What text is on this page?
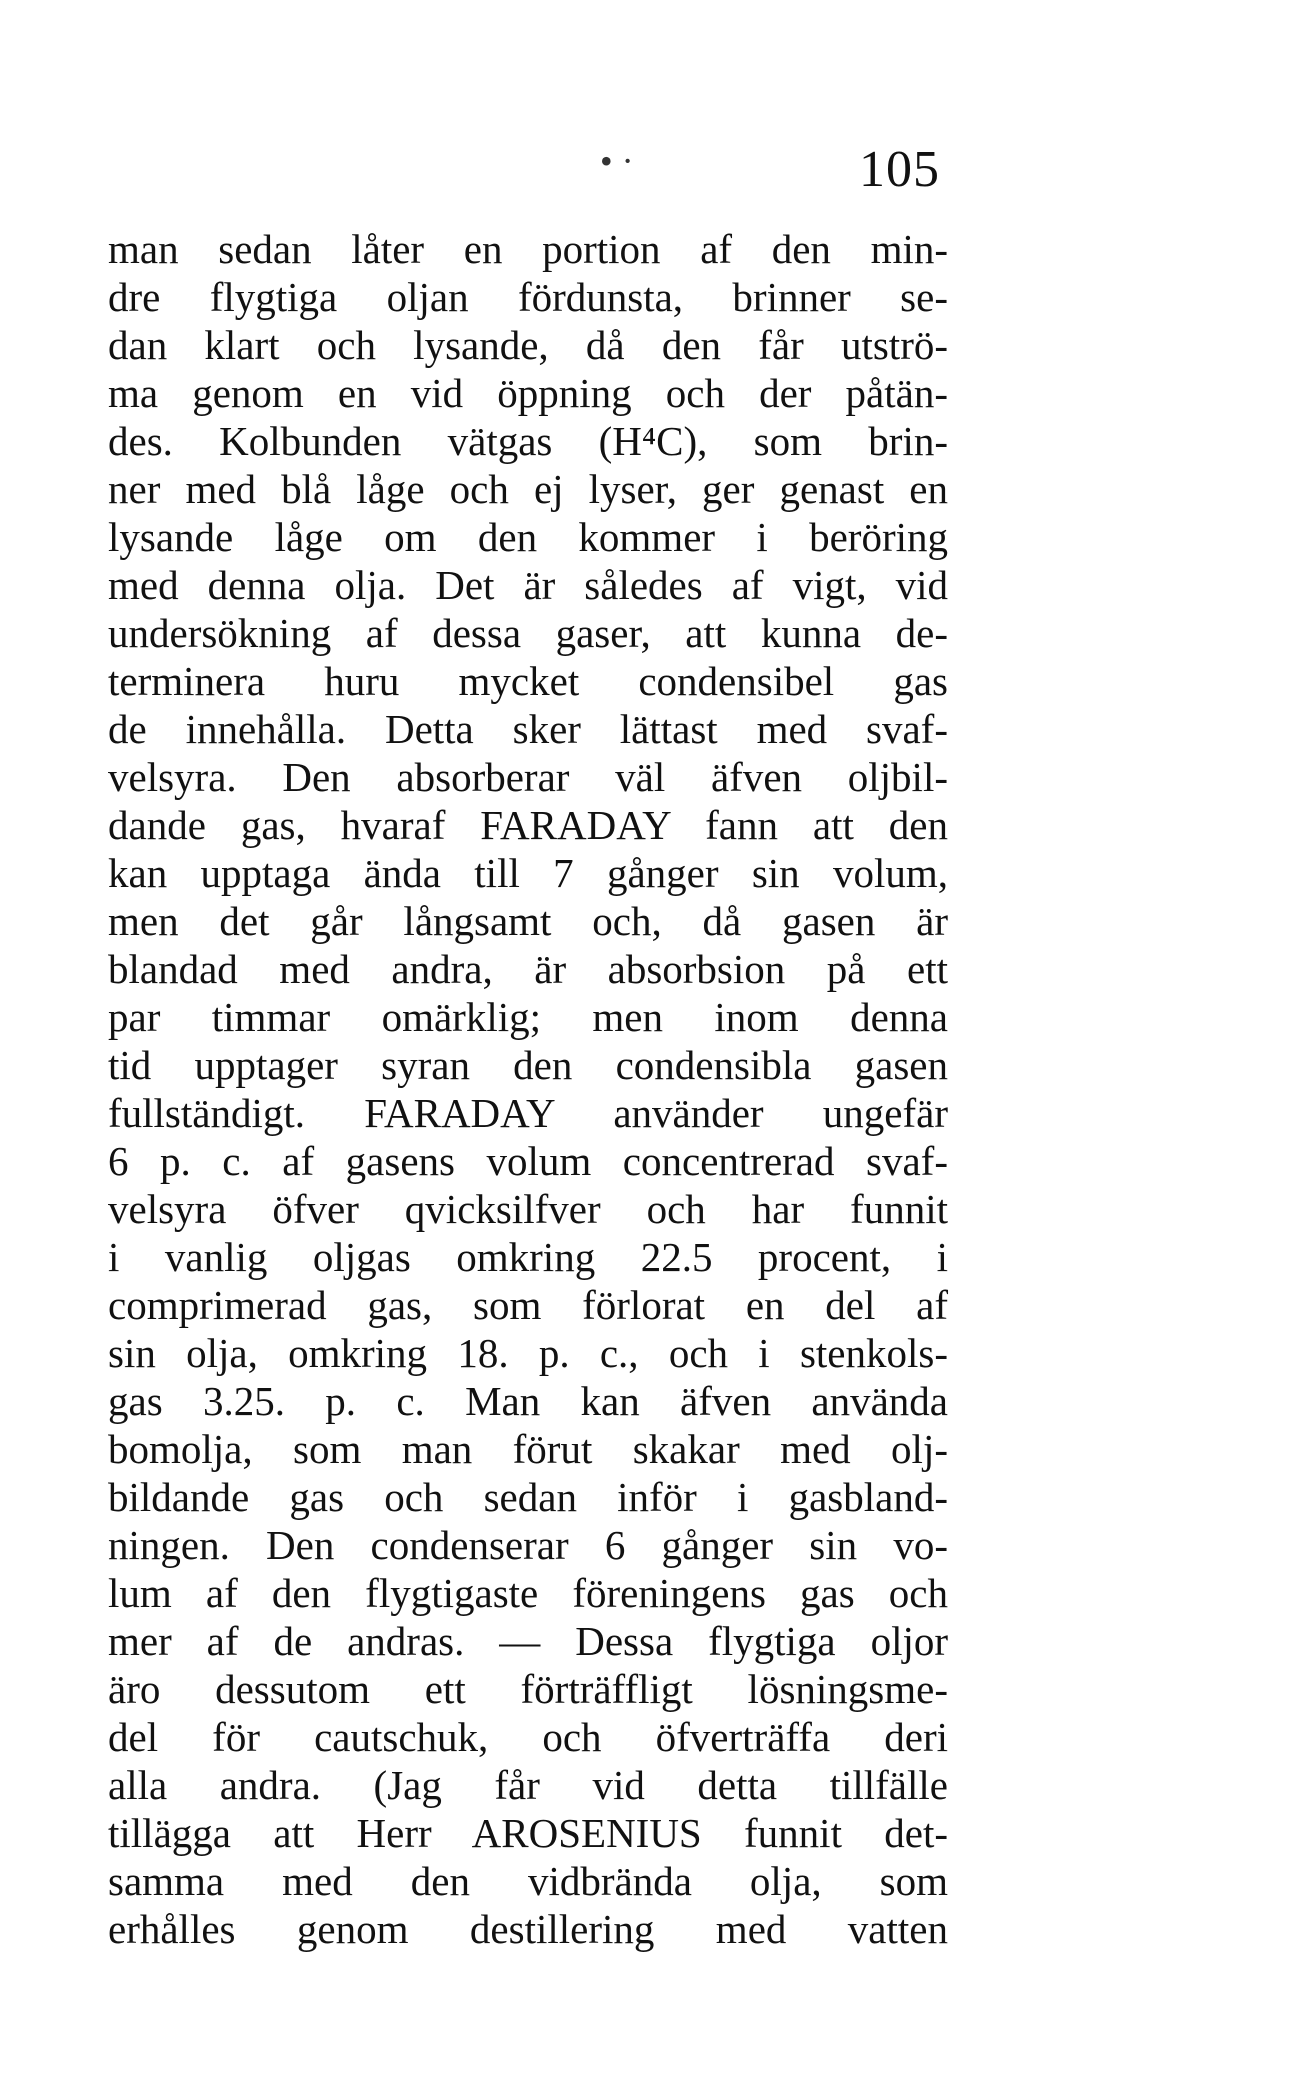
• ·	105
man sedan låter en portion af den min-
dre flygtiga oljan fördunsta, brinner se-
dan klart och lysande, då den får utströ-
ma genom en vid öppning och der påtän-
des. Kolbunden vätgas (H⁴C), som brin-
ner med blå låge och ej lyser, ger genast en
lysande låge om den kommer i beröring
med denna olja. Det är således af vigt, vid
undersökning af dessa gaser, att kunna de-
terminera huru mycket condensibel gas
de innehålla. Detta sker lättast med svaf-
velsyra. Den absorberar väl äfven oljbil-
dande gas, hvaraf FARADAY fann att den
kan upptaga ända till 7 gånger sin volum,
men det går långsamt och, då gasen är
blandad med andra, är absorbsion på ett
par timmar omärklig; men inom denna
tid upptager syran den condensibla gasen
fullständigt. FARADAY använder ungefär
6 p. c. af gasens volum concentrerad svaf-
velsyra öfver qvicksilfver och har funnit
i vanlig oljgas omkring 22.5 procent, i
comprimerad gas, som förlorat en del af
sin olja, omkring 18. p. c., och i stenkols-
gas 3.25. p. c. Man kan äfven använda
bomolja, som man förut skakar med olj-
bildande gas och sedan inför i gasbland-
ningen. Den condenserar 6 gånger sin vo-
lum af den flygtigaste föreningens gas och
mer af de andras. — Dessa flygtiga oljor
äro dessutom ett förträffligt lösningsme-
del för cautschuk, och öfverträffa deri
alla andra. (Jag får vid detta tillfälle
tillägga att Herr AROSENIUS funnit det-
samma med den vidbrända olja, som
erhålles genom destillering med vatten
